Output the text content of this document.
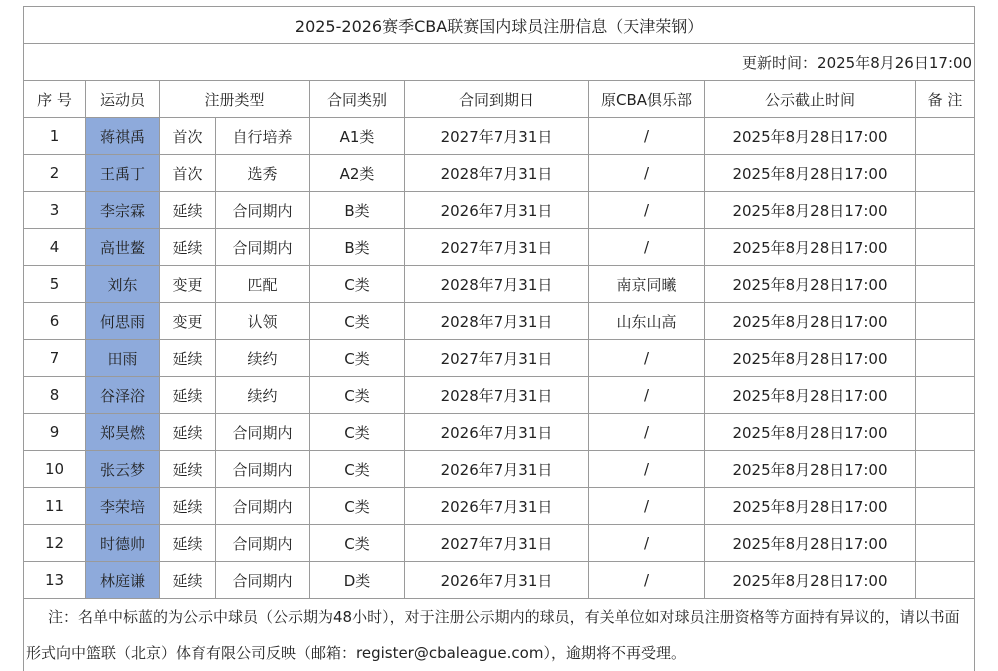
2025-2026赛季CBA联赛国内球员注册信息（天津荣钢）								
更新时间：2025年8月26日17:00								
序 号	运动员	注册类型		合同类别	合同到期日	原CBA俱乐部	公示截止时间	备 注
1	蒋祺禹	首次	自行培养	A1类	2027年7月31日	/	2025年8月28日17:00	
2	王禹丁	首次	选秀	A2类	2028年7月31日	/	2025年8月28日17:00	
3	李宗霖	延续	合同期内	B类	2026年7月31日	/	2025年8月28日17:00	
4	高世鳌	延续	合同期内	B类	2027年7月31日	/	2025年8月28日17:00	
5	刘东	变更	匹配	C类	2028年7月31日	南京同曦	2025年8月28日17:00	
6	何思雨	变更	认领	C类	2028年7月31日	山东山高	2025年8月28日17:00	
7	田雨	延续	续约	C类	2027年7月31日	/	2025年8月28日17:00	
8	谷泽浴	延续	续约	C类	2028年7月31日	/	2025年8月28日17:00	
9	郑昊燃	延续	合同期内	C类	2026年7月31日	/	2025年8月28日17:00	
10	张云梦	延续	合同期内	C类	2026年7月31日	/	2025年8月28日17:00	
11	李荣培	延续	合同期内	C类	2026年7月31日	/	2025年8月28日17:00	
12	时德帅	延续	合同期内	C类	2027年7月31日	/	2025年8月28日17:00	
13	林庭谦	延续	合同期内	D类	2026年7月31日	/	2025年8月28日17:00	
注：名单中标蓝的为公示中球员（公示期为48小时），对于注册公示期内的球员，有关单位如对球员注册资格等方面持有异议的，请以书面形式向中篮联（北京）体育有限公司反映（邮箱：register@cbaleague.com），逾期将不再受理。								
